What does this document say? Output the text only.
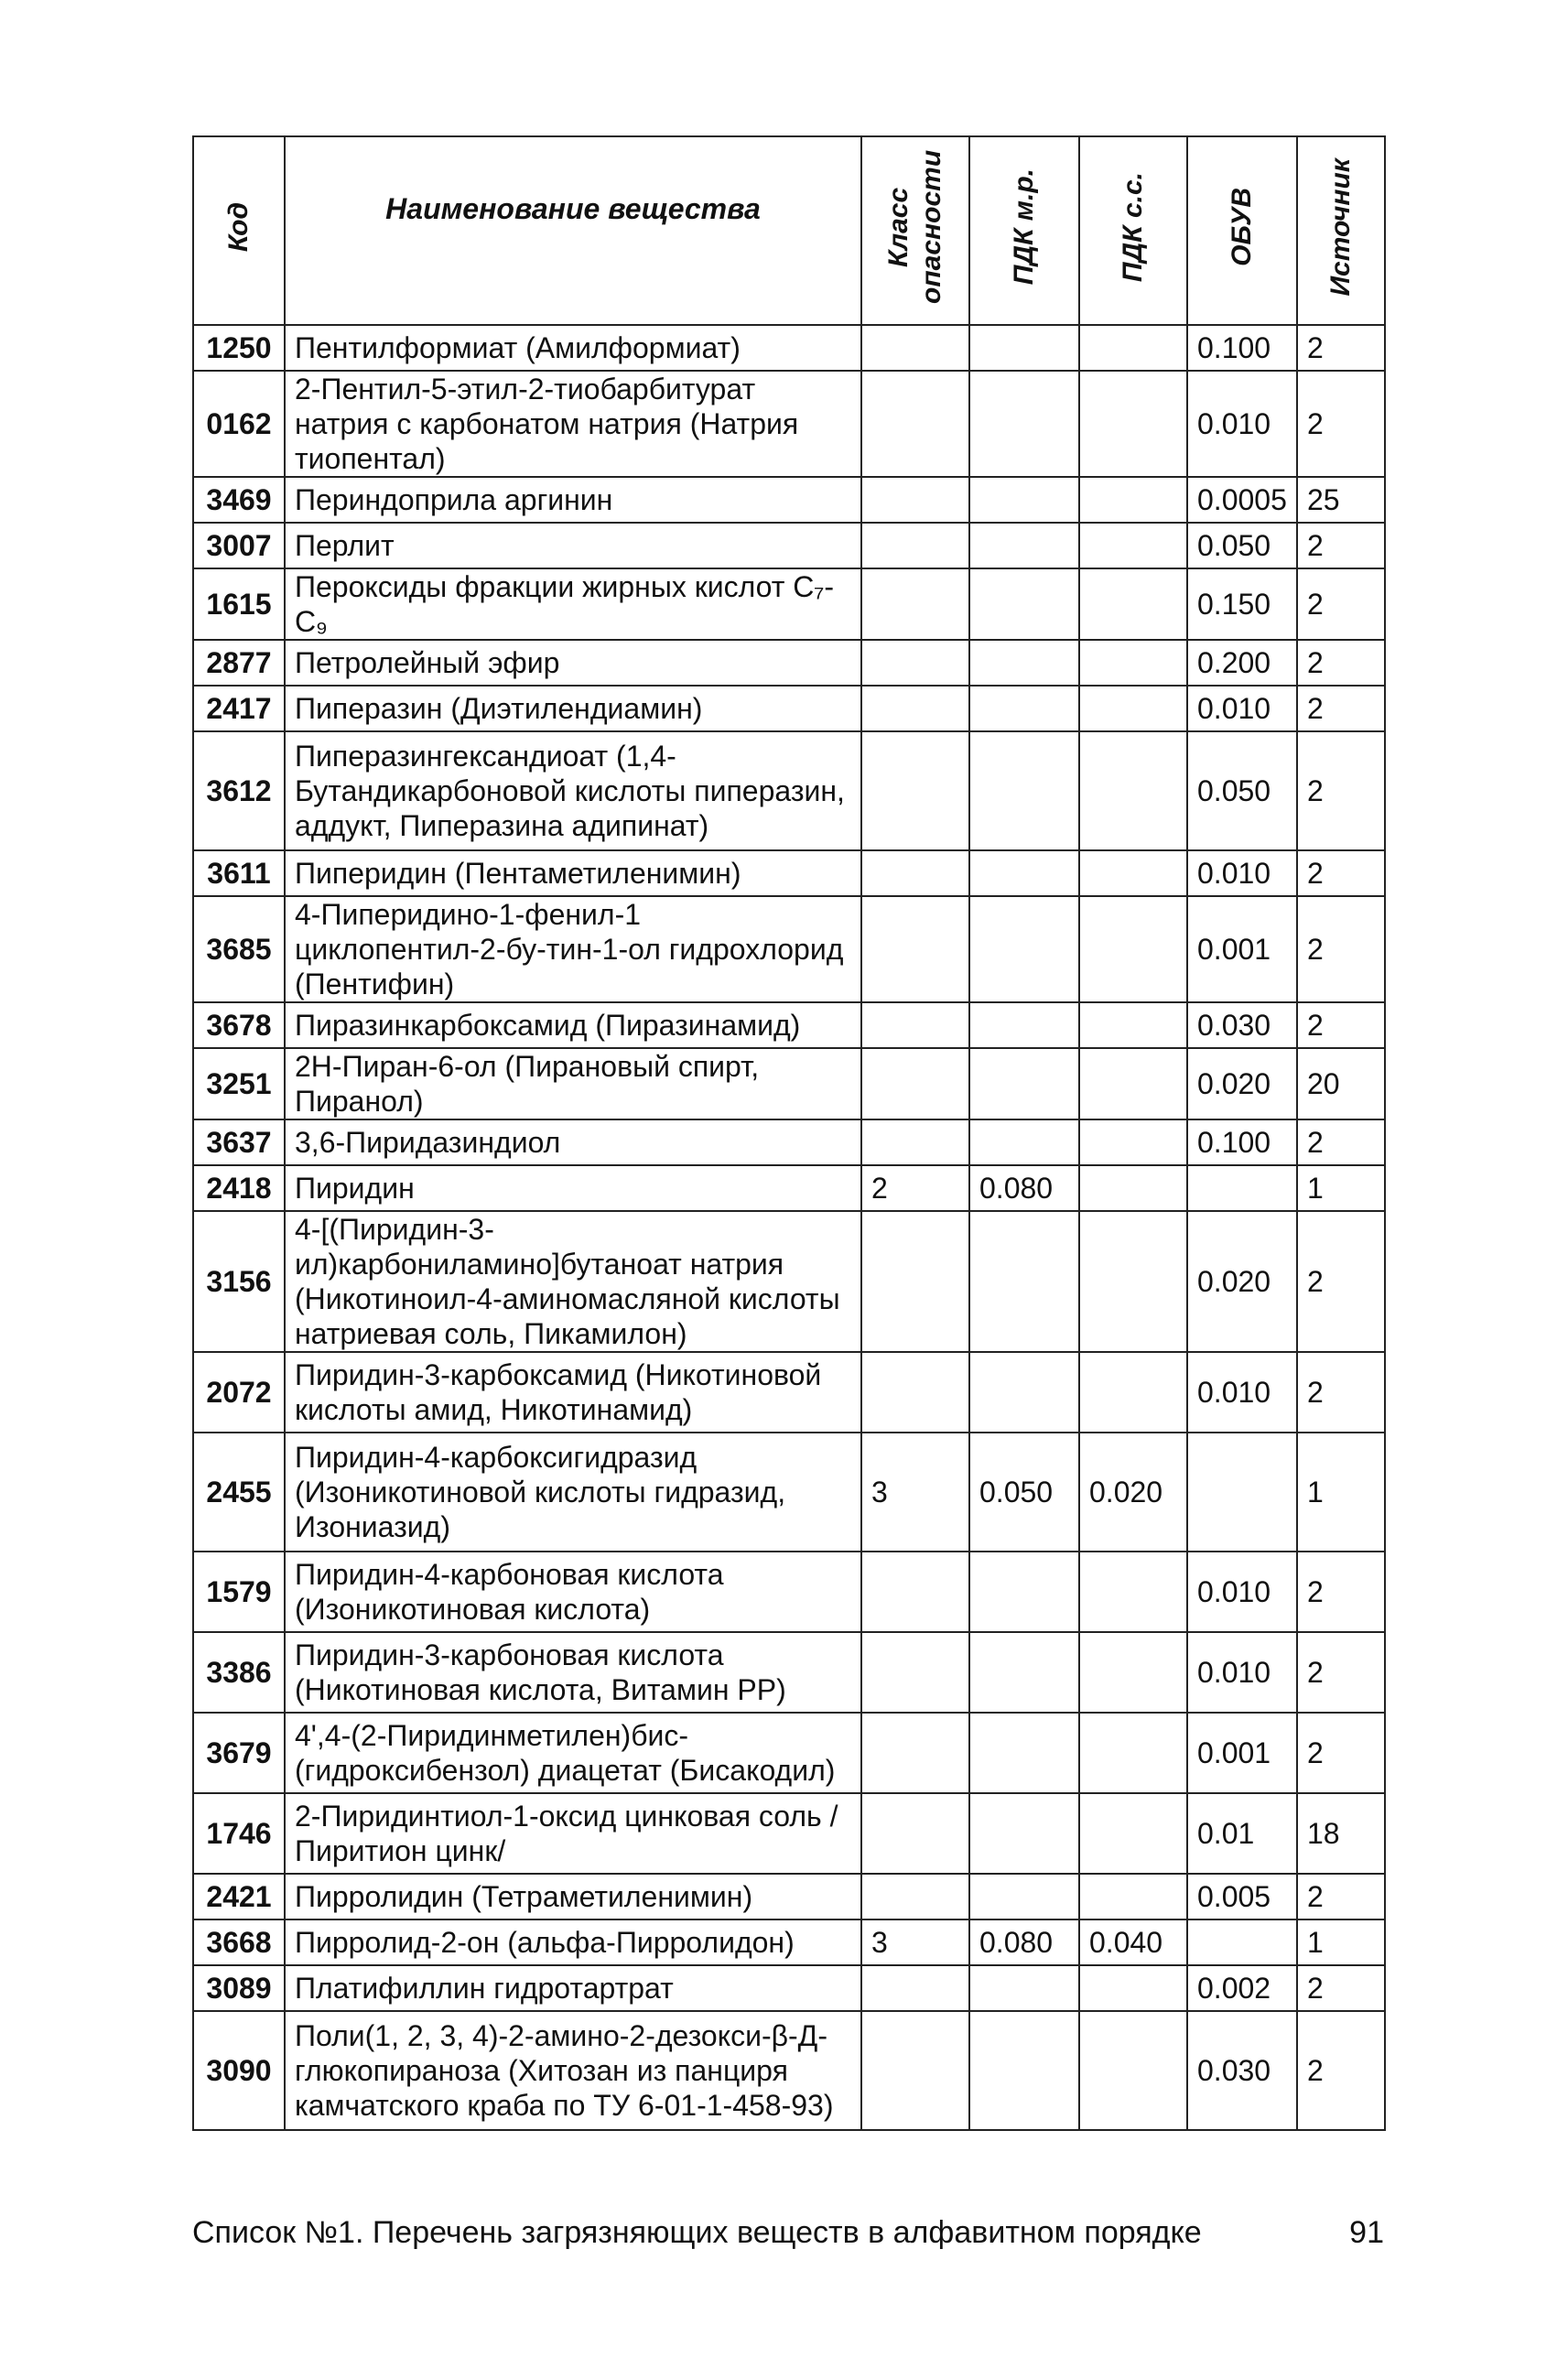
Код	Наименование вещества	Класс опасности	ПДК м.р.	ПДК с.с.	ОБУВ	Источник
1250	Пентилформиат (Амилформиат)				0.100	2
0162	2-Пентил-5-этил-2-тиобарбитурат натрия с карбонатом натрия (Натрия тиопентал)				0.010	2
3469	Периндоприла аргинин				0.0005	25
3007	Перлит				0.050	2
1615	Пероксиды фракции жирных кислот C₇-C₉				0.150	2
2877	Петролейный эфир				0.200	2
2417	Пиперазин (Диэтилендиамин)				0.010	2
3612	Пиперазингександиоат (1,4-Бутандикарбоновой кислоты пиперазин, аддукт, Пиперазина адипинат)				0.050	2
3611	Пиперидин (Пентаметиленимин)				0.010	2
3685	4-Пиперидино-1-фенил-1 циклопентил-2-бу-тин-1-ол гидрохлорид (Пентифин)				0.001	2
3678	Пиразинкарбоксамид (Пиразинамид)				0.030	2
3251	2H-Пиран-6-ол (Пирановый спирт, Пиранол)				0.020	20
3637	3,6-Пиридазиндиол				0.100	2
2418	Пиридин	2	0.080			1
3156	4-[(Пиридин-3-ил)карбониламино]бутаноат натрия (Никотиноил-4-аминомасляной кислоты натриевая соль, Пикамилон)				0.020	2
2072	Пиридин-3-карбоксамид (Никотиновой кислоты амид, Никотинамид)				0.010	2
2455	Пиридин-4-карбоксигидразид (Изоникотиновой кислоты гидразид, Изониазид)	3	0.050	0.020		1
1579	Пиридин-4-карбоновая кислота (Изоникотиновая кислота)				0.010	2
3386	Пиридин-3-карбоновая кислота (Никотиновая кислота, Витамин PP)				0.010	2
3679	4',4-(2-Пиридинметилен)бис-(гидроксибензол) диацетат (Бисакодил)				0.001	2
1746	2-Пиридинтиол-1-оксид цинковая соль /Пиритион цинк/				0.01	18
2421	Пирролидин (Тетраметиленимин)				0.005	2
3668	Пирролид-2-он (альфа-Пирролидон)	3	0.080	0.040		1
3089	Платифиллин гидротартрат				0.002	2
3090	Поли(1, 2, 3, 4)-2-амино-2-дезокси-β-Д-глюкопираноза (Хитозан из панциря камчатского краба по ТУ 6-01-1-458-93)				0.030	2
Список №1. Перечень загрязняющих веществ в алфавитном порядке	91
